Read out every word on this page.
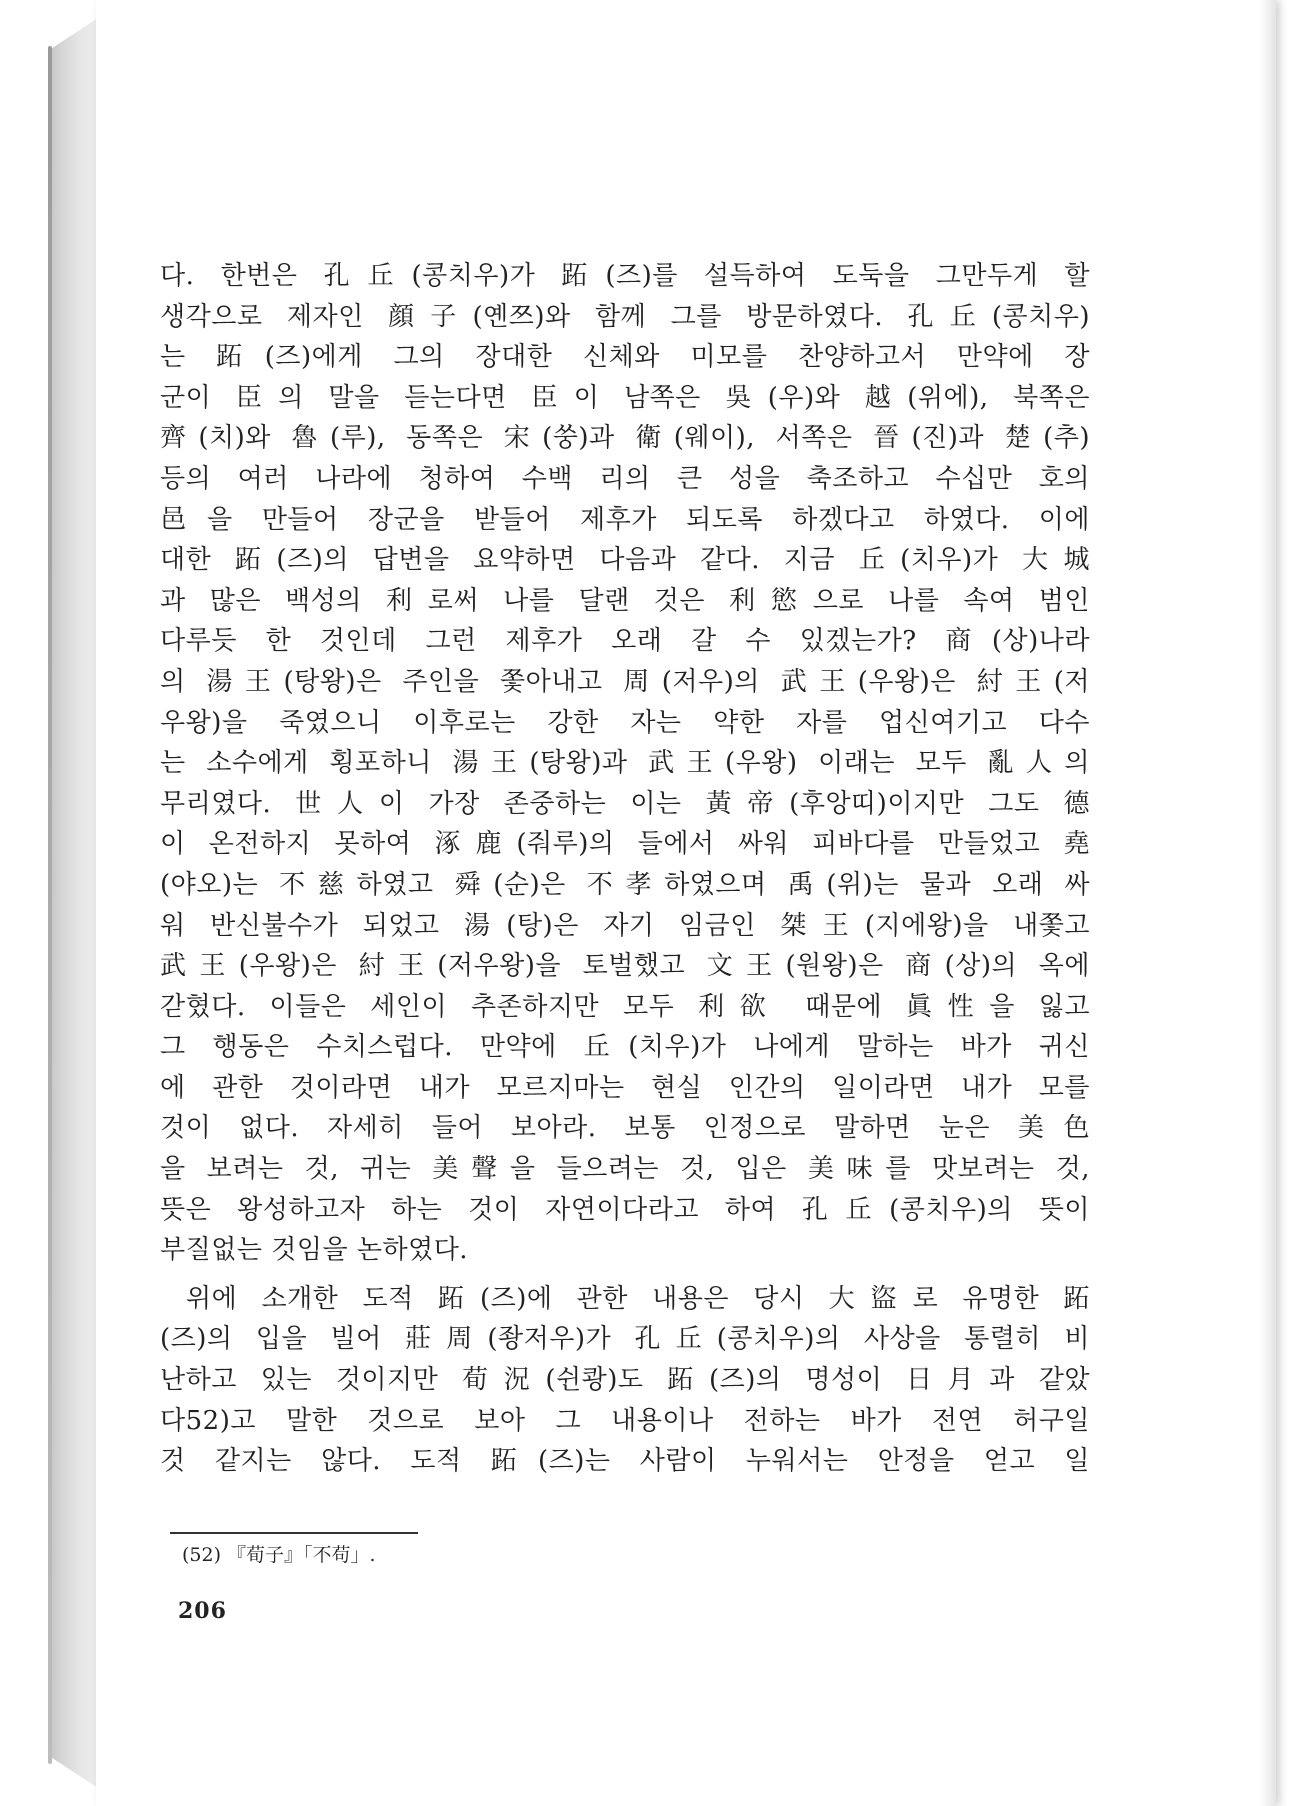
다. 한번은 孔丘(콩치우)가 跖(즈)를 설득하여 도둑을 그만두게 할
생각으로 제자인 顔子(옌쯔)와 함께 그를 방문하였다. 孔丘(콩치우)
는 跖(즈)에게 그의 장대한 신체와 미모를 찬양하고서 만약에 장
군이 臣의 말을 듣는다면 臣이 남쪽은 吳(우)와 越(위에), 북쪽은
齊(치)와 魯(루), 동쪽은 宋(쑹)과 衛(웨이), 서쪽은 晉(진)과 楚(추)
등의 여러 나라에 청하여 수백 리의 큰 성을 축조하고 수십만 호의
邑을 만들어 장군을 받들어 제후가 되도록 하겠다고 하였다. 이에
대한 跖(즈)의 답변을 요약하면 다음과 같다. 지금 丘(치우)가 大城
과 많은 백성의 利로써 나를 달랜 것은 利慾으로 나를 속여 범인
다루듯 한 것인데 그런 제후가 오래 갈 수 있겠는가? 商(상)나라
의 湯王(탕왕)은 주인을 쫓아내고 周(저우)의 武王(우왕)은 紂王(저
우왕)을 죽였으니 이후로는 강한 자는 약한 자를 업신여기고 다수
는 소수에게 횡포하니 湯王(탕왕)과 武王(우왕) 이래는 모두 亂人의
무리였다. 世人이 가장 존중하는 이는 黃帝(후앙띠)이지만 그도 德
이 온전하지 못하여 涿鹿(줘루)의 들에서 싸워 피바다를 만들었고 堯
(야오)는 不慈하였고 舜(순)은 不孝하였으며 禹(위)는 물과 오래 싸
워 반신불수가 되었고 湯(탕)은 자기 임금인 桀王(지에왕)을 내쫓고
武王(우왕)은 紂王(저우왕)을 토벌했고 文王(원왕)은 商(상)의 옥에
갇혔다. 이들은 세인이 추존하지만 모두 利欲 때문에 眞性을 잃고
그 행동은 수치스럽다. 만약에 丘(치우)가 나에게 말하는 바가 귀신
에 관한 것이라면 내가 모르지마는 현실 인간의 일이라면 내가 모를
것이 없다. 자세히 들어 보아라. 보통 인정으로 말하면 눈은 美色
을 보려는 것, 귀는 美聲을 들으려는 것, 입은 美味를 맛보려는 것,
뜻은 왕성하고자 하는 것이 자연이다라고 하여 孔丘(콩치우)의 뜻이
부질없는 것임을 논하였다.
위에 소개한 도적 跖(즈)에 관한 내용은 당시 大盜로 유명한 跖
(즈)의 입을 빌어 莊周(좡저우)가 孔丘(콩치우)의 사상을 통렬히 비
난하고 있는 것이지만 荀況(쉰쾅)도 跖(즈)의 명성이 日月과 같았
다52)고 말한 것으로 보아 그 내용이나 전하는 바가 전연 허구일
것 같지는 않다. 도적 跖(즈)는 사람이 누워서는 안정을 얻고 일
(52) 『荀子』「不苟」.
206
